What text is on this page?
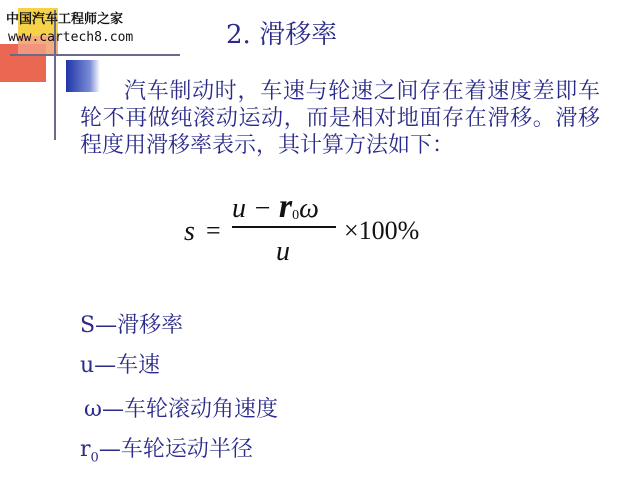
中国汽车工程师之家
www.cartech8.com	2. 滑移率

汽车制动时，车速与轮速之间存在着速度差即车轮不再做纯滚动运动，而是相对地面存在滑移。滑移程度用滑移率表示，其计算方法如下：

s =
u − r0ω
u
×100%
S—滑移率
u—车速
ω—车轮滚动角速度
$r_0—$车轮运动半径
